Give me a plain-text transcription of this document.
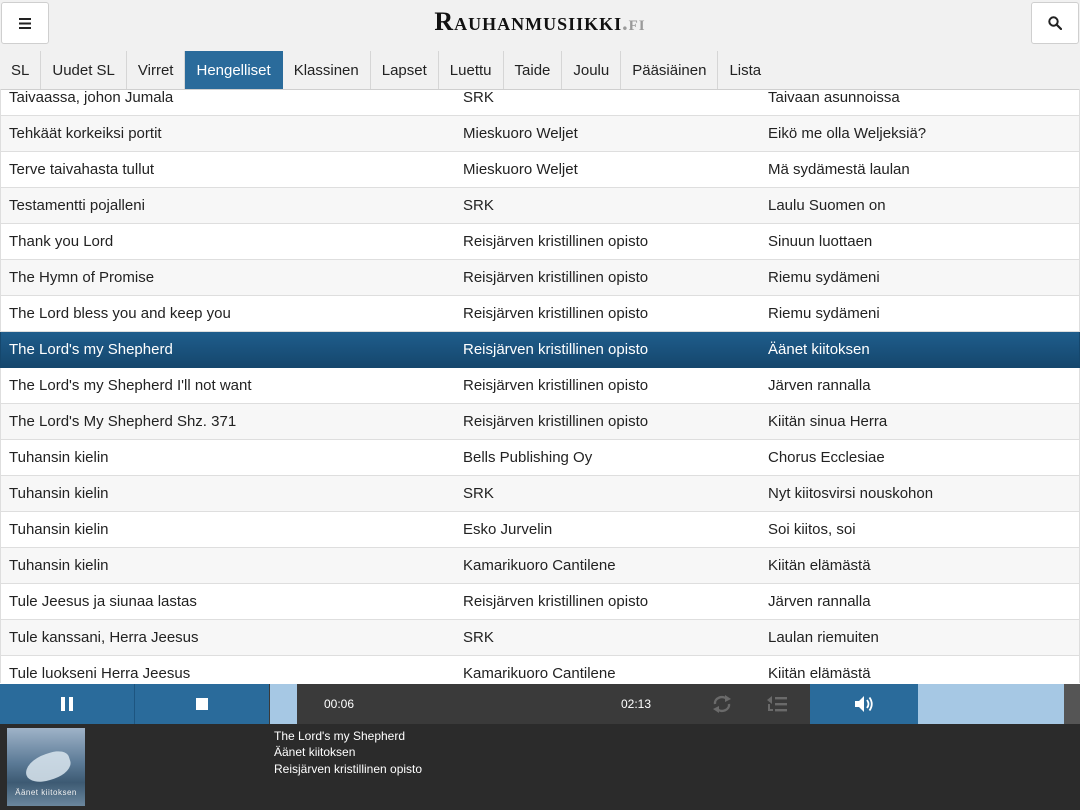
Rauhanmusiikki.fi
SL	Uudet SL	Virret	Hengelliset	Klassinen	Lapset	Luettu	Taide	Joulu	Pääsiäinen	Lista
Taivaassa, johon Jumala	SRK	Taivaan asunnoissa
Tehkäät korkeiksi portit	Mieskuoro Weljet	Eikö me olla Weljeksiä?
Terve taivahasta tullut	Mieskuoro Weljet	Mä sydämestä laulan
Testamentti pojalleni	SRK	Laulu Suomen on
Thank you Lord	Reisjärven kristillinen opisto	Sinuun luottaen
The Hymn of Promise	Reisjärven kristillinen opisto	Riemu sydämeni
The Lord bless you and keep you	Reisjärven kristillinen opisto	Riemu sydämeni
The Lord's my Shepherd	Reisjärven kristillinen opisto	Äänet kiitoksen
The Lord's my Shepherd I'll not want	Reisjärven kristillinen opisto	Järven rannalla
The Lord's My Shepherd Shz. 371	Reisjärven kristillinen opisto	Kiitän sinua Herra
Tuhansin kielin	Bells Publishing Oy	Chorus Ecclesiae
Tuhansin kielin	SRK	Nyt kiitosvirsi nouskohon
Tuhansin kielin	Esko Jurvelin	Soi kiitos, soi
Tuhansin kielin	Kamarikuoro Cantilene	Kiitän elämästä
Tule Jeesus ja siunaa lastas	Reisjärven kristillinen opisto	Järven rannalla
Tule kanssani, Herra Jeesus	SRK	Laulan riemuiten
Tule luokseni Herra Jeesus	Kamarikuoro Cantilene	Kiitän elämästä
00:06	02:13
Äänet kiitoksen
The Lord's my Shepherd
Äänet kiitoksen
Reisjärven kristillinen opisto
